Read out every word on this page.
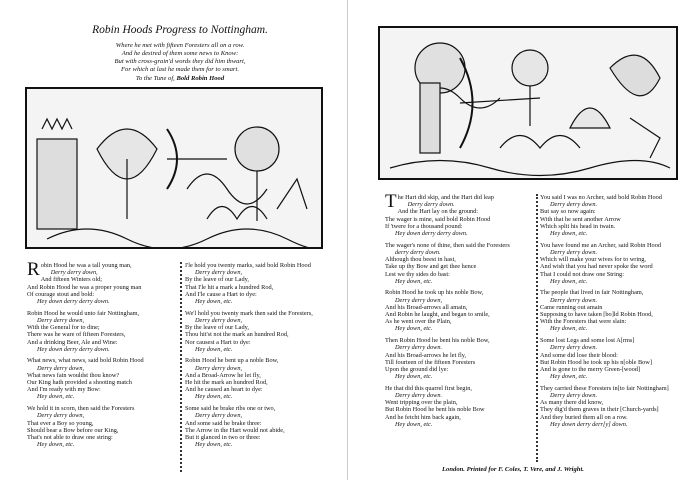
Robin Hoods Progress to Nottingham.
Where he met with fifteen Foresters all on a row.
And he desired of them some news to Know:
But with cross-grain'd words they did him thwart,
For which at last he made them for to smart.
To the Tune of, Bold Robin Hood

Robin Hood he was a tall young man,
Derry derry down,
And fifteen Winters old;
And Robin Hood he was a proper young man
Of courage stout and bold:
Hey down derry derry down.

Robin Hood he would unto fair Nottingham,
Derry derry down,
With the General for to dine;
There was he ware of fifteen Foresters,
And a drinking Beer, Ale and Wine:
Hey down derry derry down.

What news, what news, said bold Robin Hood
Derry derry down,
What news fain wouldst thou know?
Our King hath provided a shooting match
And I'm ready with my Bow:
Hey down, etc.

We hold it in scorn, then said the Foresters
Derry derry down,
That ever a Boy so young,
Should bear a Bow before our King,
That's not able to draw one string:
Hey down, etc.

I'le hold you twenty marks, said bold Robin Hood
Derry derry down,
By the leave of our Lady,
That I'le hit a mark a hundred Rod,
And I'le cause a Hart to dye:
Hey down, etc.

We'l hold you twenty mark then said the Foresters,
Derry derry down,
By the leave of our Lady,
Thou hit'st not the mark an hundred Rod,
Nor causest a Hart to dye:
Hey down, etc.

Robin Hood he bent up a noble Bow,
Derry derry down,
And a Broad-Arrow he let fly,
He hit the mark an hundred Rod,
And he caused an heart to dye:
Hey down, etc.

Some said he brake ribs one or two,
Derry derry down,
And some said he brake three:
The Arrow in the Hart would not abide,
But it glanced in two or three:
Hey down, etc.

The Hart did skip, and the Hart did leap
Derry derry down.
And the Hart lay on the ground:
The wager is mine, said bold Robin Hood
If 'twere for a thousand pound:
Hey down derry derry down.

The wager's none of thine, then said the Foresters
derry derry down.
Although thou beest in hast,
Take up thy Bow and get thee hence
Lest we thy sides do bast:
Hey down, etc.

Robin Hood he took up his noble Bow,
Derry derry down,
And his Broad-arrows all amain,
And Robin he laught, and began to smile,
As he went over the Plain,
Hey down, etc.

Then Robin Hood he bent his noble Bow,
Derry derry down.
And his Broad-arrows he let fly,
Till fourteen of the fifteen Foresters
Upon the ground did lye:
Hey down, etc.

He that did this quarrel first begin,
Derry derry down.
Went tripping over the plain,
But Robin Hood he bent his noble Bow
And he fetcht him back again,
Hey down, etc.

You said I was no Archer, said bold Robin Hood
Derry derry down.
But say so now again:
With that he sent another Arrow
Which split his head in twain.
Hey down, etc.

You have found me an Archer, said Robin Hood
Derry derry down.
Which will make your wives for to wring,
And wish that you had never spoke the word
That I could not draw one String:
Hey down, etc.

The people that lived in fair Nottingham,
Derry derry down.
Came running out amain
Supposing to have taken [bo]ld Robin Hood,
With the Foresters that were slain:
Hey down, etc.

Some lost Legs and some lost A[rms]
Derry derry down.
And some did lose their blood:
But Robin Hood he took up his n[oble Bow]
And is gone to the merry Green-[wood]
Hey down, etc.

They carried these Foresters in[to fair Nottingham]
Derry derry down.
As many there did know,
They dig'd them graves in their [Church-yards]
And they buried them all on a row.
Hey down derry derr[y] down.

London. Printed for F. Coles, T. Vere, and J. Wright.
